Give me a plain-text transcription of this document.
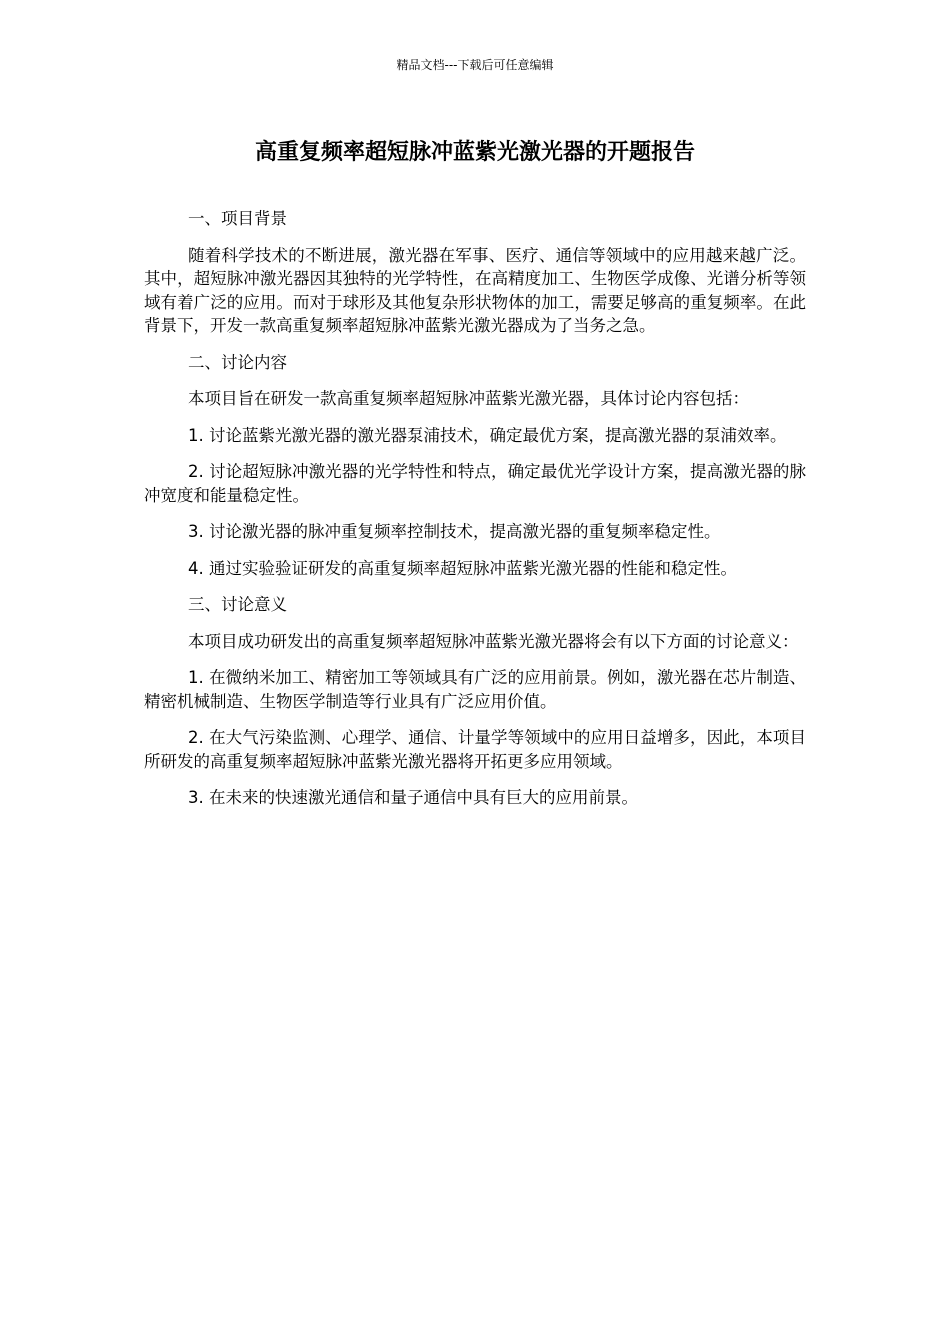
精品文档---下载后可任意编辑
高重复频率超短脉冲蓝紫光激光器的开题报告

一、项目背景

随着科学技术的不断进展，激光器在军事、医疗、通信等领域中的应用越来越广泛。其中，超短脉冲激光器因其独特的光学特性，在高精度加工、生物医学成像、光谱分析等领域有着广泛的应用。而对于球形及其他复杂形状物体的加工，需要足够高的重复频率。在此背景下，开发一款高重复频率超短脉冲蓝紫光激光器成为了当务之急。

二、讨论内容

本项目旨在研发一款高重复频率超短脉冲蓝紫光激光器，具体讨论内容包括：

1. 讨论蓝紫光激光器的激光器泵浦技术，确定最优方案，提高激光器的泵浦效率。

2. 讨论超短脉冲激光器的光学特性和特点，确定最优光学设计方案，提高激光器的脉冲宽度和能量稳定性。

3. 讨论激光器的脉冲重复频率控制技术，提高激光器的重复频率稳定性。

4. 通过实验验证研发的高重复频率超短脉冲蓝紫光激光器的性能和稳定性。

三、讨论意义

本项目成功研发出的高重复频率超短脉冲蓝紫光激光器将会有以下方面的讨论意义：

1. 在微纳米加工、精密加工等领域具有广泛的应用前景。例如，激光器在芯片制造、精密机械制造、生物医学制造等行业具有广泛应用价值。

2. 在大气污染监测、心理学、通信、计量学等领域中的应用日益增多，因此，本项目所研发的高重复频率超短脉冲蓝紫光激光器将开拓更多应用领域。

3. 在未来的快速激光通信和量子通信中具有巨大的应用前景。
